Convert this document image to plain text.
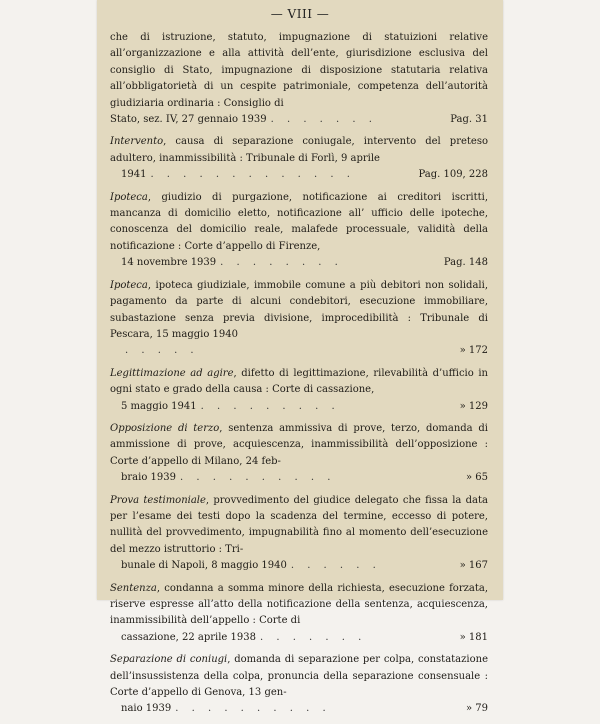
— VIII —
che di istruzione, statuto, impugnazione di statuizioni relative all’organizzazione e alla attività dell’ente, giurisdizione esclusiva del consiglio di Stato, impugnazione di disposizione statutaria relativa all’obbligatorietà di un cespite patrimoniale, competenza dell’autorità giudiziaria ordinaria : Consiglio di
Stato, sez. IV, 27 gennaio 1939 . . . . . . .	Pag. 31
Intervento, causa di separazione coniugale, intervento del preteso adultero, inammissibilità : Tribunale di Forlì, 9 aprile
1941 . . . . . . . . . . . . .	Pag. 109, 228
Ipoteca, giudizio di purgazione, notificazione ai creditori iscritti, mancanza di domicilio eletto, notificazione all’ ufficio delle ipoteche, conoscenza del domicilio reale, malafede processuale, validità della notificazione : Corte d’appello di Firenze,
14 novembre 1939 . . . . . . . .	Pag. 148
Ipoteca, ipoteca giudiziale, immobile comune a più debitori non solidali, pagamento da parte di alcuni condebitori, esecuzione immobiliare, subastazione senza previa divisione, improcedibilità : Tribunale di Pescara, 15 maggio 1940
. . . . .	» 172
Legittimazione ad agire, difetto di legittimazione, rilevabilità d’ufficio in ogni stato e grado della causa : Corte di cassazione,
5 maggio 1941 . . . . . . . . .	» 129
Opposizione di terzo, sentenza ammissiva di prove, terzo, domanda di ammissione di prove, acquiescenza, inammissibilità dell’opposizione : Corte d’appello di Milano, 24 feb-
braio 1939 . . . . . . . . . .	» 65
Prova testimoniale, provvedimento del giudice delegato che fissa la data per l’esame dei testi dopo la scadenza del termine, eccesso di potere, nullità del provvedimento, impugnabilità fino al momento dell’esecuzione del mezzo istruttorio : Tri-
bunale di Napoli, 8 maggio 1940 . . . . . .	» 167
Sentenza, condanna a somma minore della richiesta, esecuzione forzata, riserve espresse all’atto della notificazione della sentenza, acquiescenza, inammissibilità dell’appello : Corte di
cassazione, 22 aprile 1938 . . . . . . .	» 181
Separazione di coniugi, domanda di separazione per colpa, constatazione dell’insussistenza della colpa, pronuncia della separazione consensuale : Corte d’appello di Genova, 13 gen-
naio 1939 . . . . . . . . . .	» 79
